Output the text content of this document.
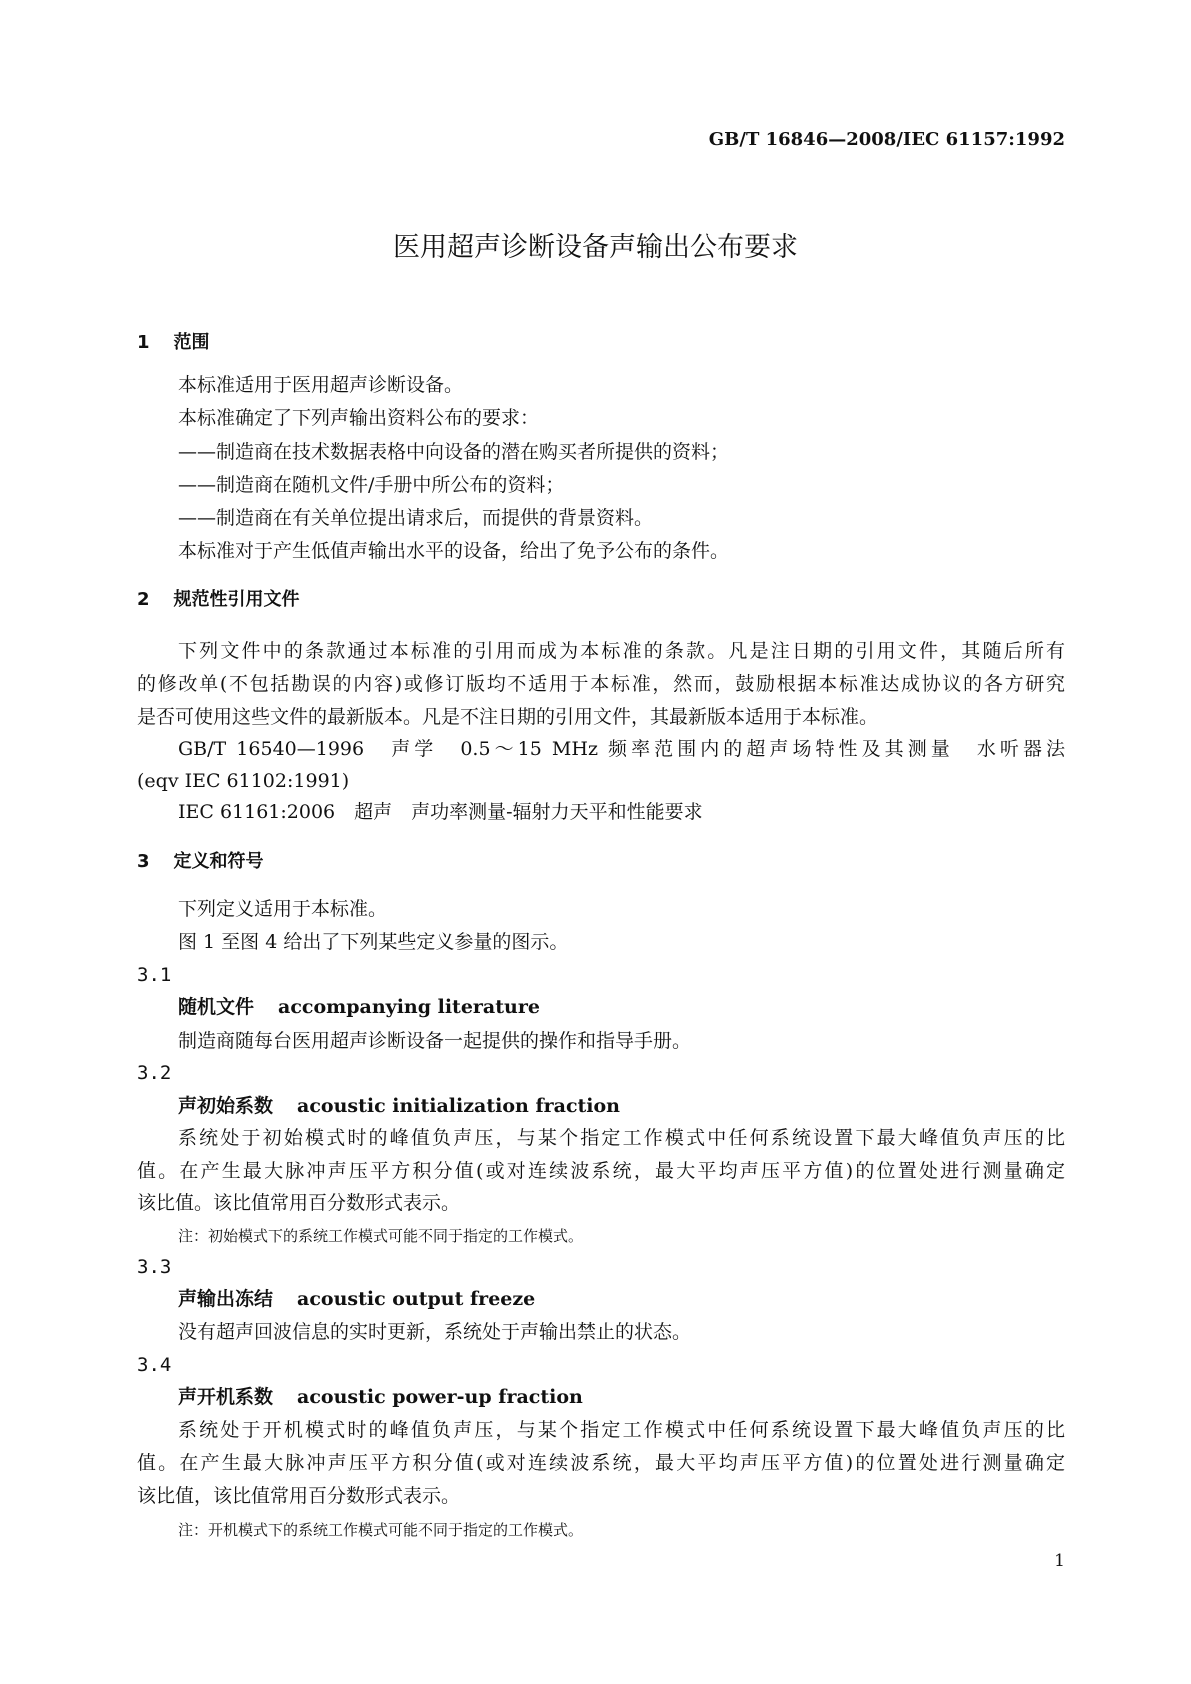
GB/T 16846—2008/IEC 61157:1992
医用超声诊断设备声输出公布要求
1 范围
本标准适用于医用超声诊断设备。
本标准确定了下列声输出资料公布的要求：
——制造商在技术数据表格中向设备的潜在购买者所提供的资料；
——制造商在随机文件/手册中所公布的资料；
——制造商在有关单位提出请求后，而提供的背景资料。
本标准对于产生低值声输出水平的设备，给出了免予公布的条件。
2 规范性引用文件
下列文件中的条款通过本标准的引用而成为本标准的条款。凡是注日期的引用文件，其随后所有
的修改单(不包括勘误的内容)或修订版均不适用于本标准，然而，鼓励根据本标准达成协议的各方研究
是否可使用这些文件的最新版本。凡是不注日期的引用文件，其最新版本适用于本标准。
GB/T 16540—1996　声学　0.5～15 MHz 频率范围内的超声场特性及其测量　水听器法
(eqv IEC 61102:1991)
IEC 61161:2006　超声　声功率测量-辐射力天平和性能要求
3 定义和符号
下列定义适用于本标准。
图 1 至图 4 给出了下列某些定义参量的图示。
3.1
随机文件 accompanying literature
制造商随每台医用超声诊断设备一起提供的操作和指导手册。
3.2
声初始系数 acoustic initialization fraction
系统处于初始模式时的峰值负声压，与某个指定工作模式中任何系统设置下最大峰值负声压的比
值。在产生最大脉冲声压平方积分值(或对连续波系统，最大平均声压平方值)的位置处进行测量确定
该比值。该比值常用百分数形式表示。
注：初始模式下的系统工作模式可能不同于指定的工作模式。
3.3
声输出冻结 acoustic output freeze
没有超声回波信息的实时更新，系统处于声输出禁止的状态。
3.4
声开机系数 acoustic power-up fraction
系统处于开机模式时的峰值负声压，与某个指定工作模式中任何系统设置下最大峰值负声压的比
值。在产生最大脉冲声压平方积分值(或对连续波系统，最大平均声压平方值)的位置处进行测量确定
该比值，该比值常用百分数形式表示。
注：开机模式下的系统工作模式可能不同于指定的工作模式。
1
